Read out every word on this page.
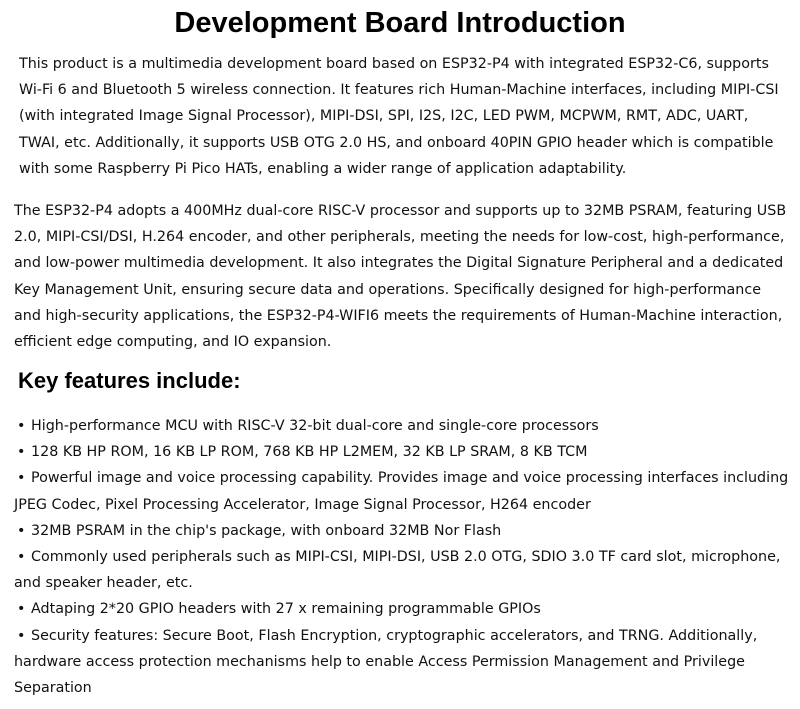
Development Board Introduction

This product is a multimedia development board based on ESP32-P4 with integrated ESP32-C6, supports Wi-Fi 6 and Bluetooth 5 wireless connection. It features rich Human-Machine interfaces, including MIPI-CSI (with integrated Image Signal Processor), MIPI-DSI, SPI, I2S, I2C, LED PWM, MCPWM, RMT, ADC, UART, TWAI, etc. Additionally, it supports USB OTG 2.0 HS, and onboard 40PIN GPIO header which is compatible with some Raspberry Pi Pico HATs, enabling a wider range of application adaptability.

The ESP32-P4 adopts a 400MHz dual-core RISC-V processor and supports up to 32MB PSRAM, featuring USB 2.0, MIPI-CSI/DSI, H.264 encoder, and other peripherals, meeting the needs for low-cost, high-performance, and low-power multimedia development. It also integrates the Digital Signature Peripheral and a dedicated Key Management Unit, ensuring secure data and operations. Specifically designed for high-performance and high-security applications, the ESP32-P4-WIFI6 meets the requirements of Human-Machine interaction, efficient edge computing, and IO expansion.

Key features include:
• High-performance MCU with RISC-V 32-bit dual-core and single-core processors
• 128 KB HP ROM, 16 KB LP ROM, 768 KB HP L2MEM, 32 KB LP SRAM, 8 KB TCM
• Powerful image and voice processing capability. Provides image and voice processing interfaces including JPEG Codec, Pixel Processing Accelerator, Image Signal Processor, H264 encoder
• 32MB PSRAM in the chip's package, with onboard 32MB Nor Flash
• Commonly used peripherals such as MIPI-CSI, MIPI-DSI, USB 2.0 OTG, SDIO 3.0 TF card slot, microphone, and speaker header, etc.
• Adtaping 2*20 GPIO headers with 27 x remaining programmable GPIOs
• Security features: Secure Boot, Flash Encryption, cryptographic accelerators, and TRNG. Additionally, hardware access protection mechanisms help to enable Access Permission Management and Privilege Separation
